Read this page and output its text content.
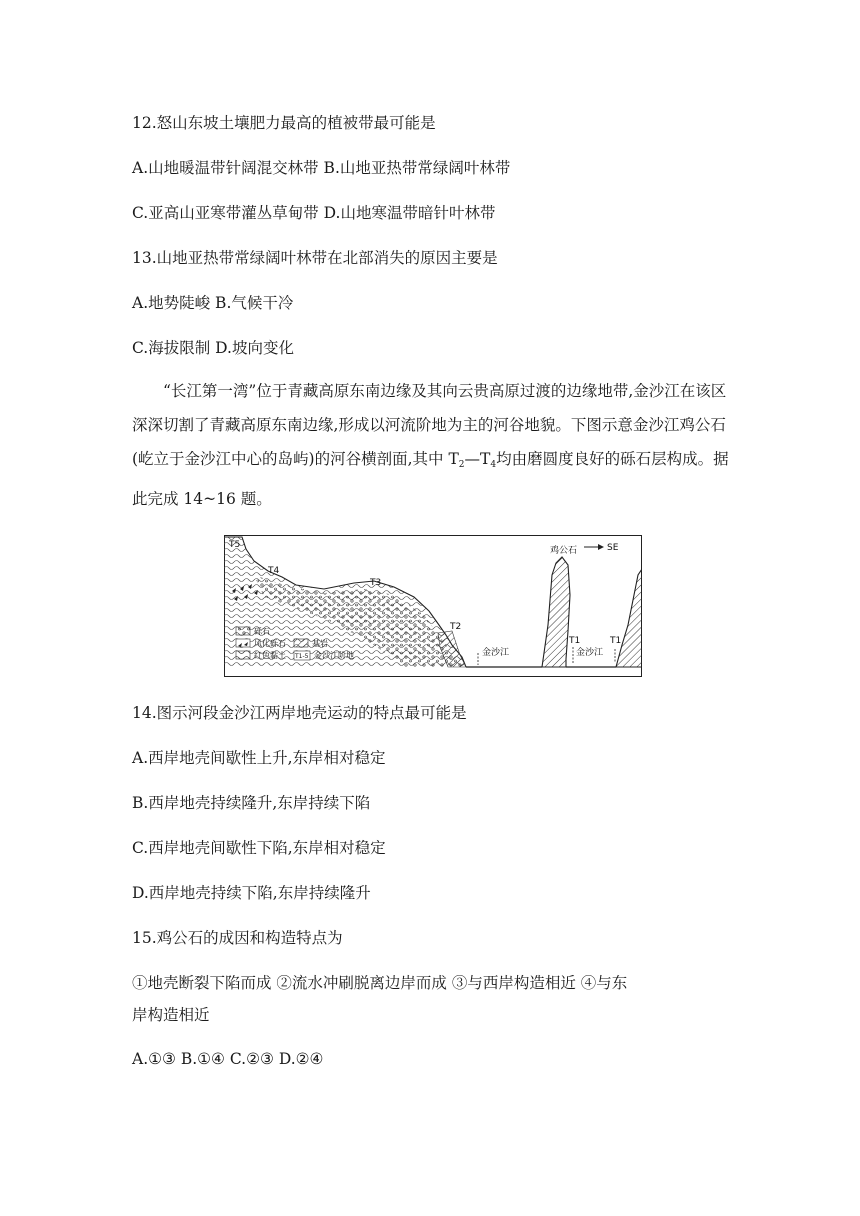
12.怒山东坡土壤肥力最高的植被带最可能是
A.山地暖温带针阔混交林带 B.山地亚热带常绿阔叶林带
C.亚高山亚寒带灌丛草甸带 D.山地寒温带暗针叶林带
13.山地亚热带常绿阔叶林带在北部消失的原因主要是
A.地势陡峻 B.气候干冷
C.海拔限制 D.坡向变化
“长江第一湾”位于青藏高原东南边缘及其向云贵高原过渡的边缘地带,金沙江在该区深深切割了青藏高原东南边缘,形成以河流阶地为主的河谷地貌。下图示意金沙江鸡公石(屹立于金沙江中心的岛屿)的河谷横剖面,其中 $T_2—T_4$均由磨圆度良好的砾石层构成。据此完成 14~16 题。
T5
T4
T3
T2
T1	T1
鸡公石	SE
金沙江	金沙江
砾石
风化砾石
红色黏土
基岩
T1-5 金沙江阶地
14.图示河段金沙江两岸地壳运动的特点最可能是
A.西岸地壳间歇性上升,东岸相对稳定
B.西岸地壳持续隆升,东岸持续下陷
C.西岸地壳间歇性下陷,东岸相对稳定
D.西岸地壳持续下陷,东岸持续隆升
15.鸡公石的成因和构造特点为
①地壳断裂下陷而成 ②流水冲刷脱离边岸而成 ③与西岸构造相近 ④与东
岸构造相近
A.①③ B.①④ C.②③ D.②④
